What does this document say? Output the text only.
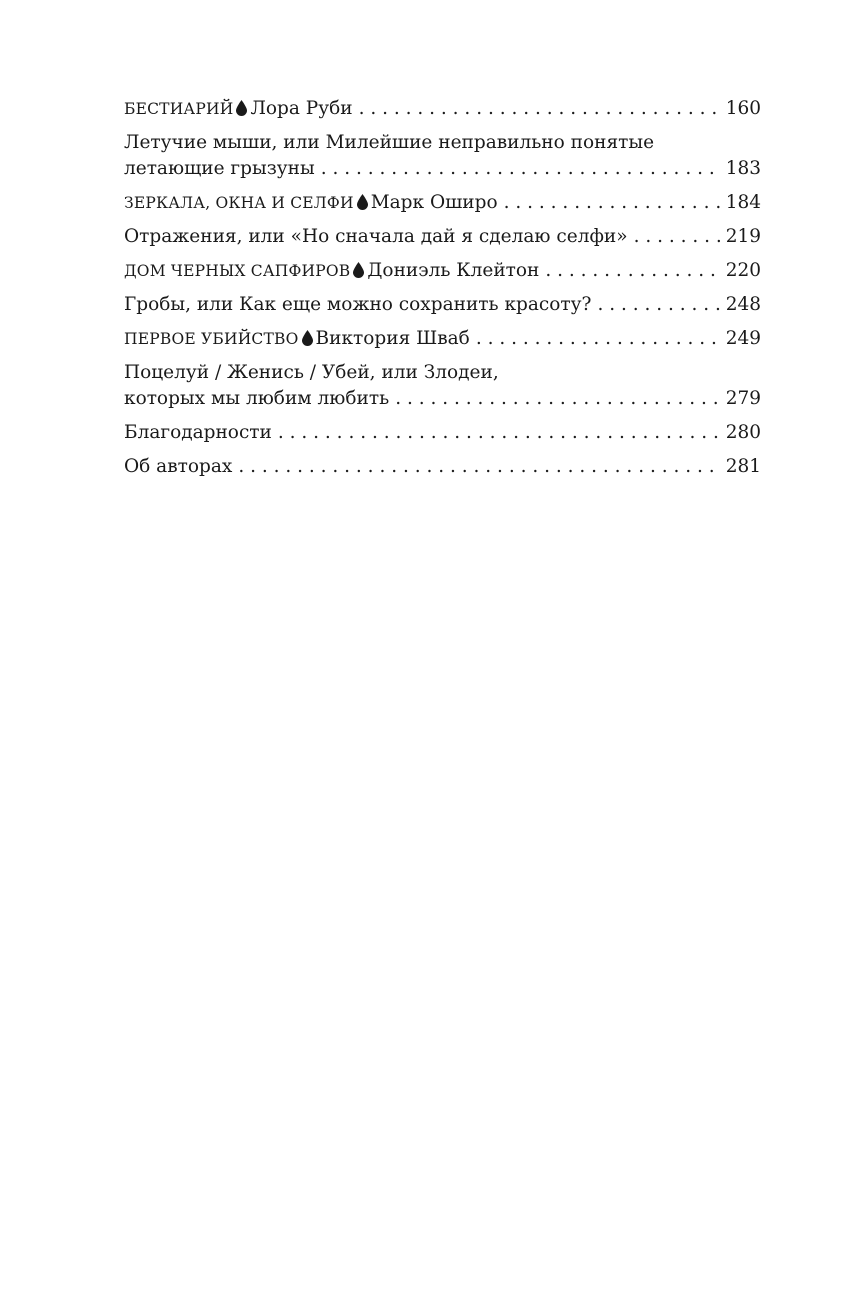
БЕСТИАРИЙ Лора Руби . . .	160
Летучие мыши, или Милейшие неправильно понятые
летающие грызуны . . .	183
ЗЕРКАЛА, ОКНА И СЕЛФИ Марк Оширо . . .	184
Отражения, или «Но сначала дай я сделаю селфи» . . .	219
ДОМ ЧЕРНЫХ САПФИРОВ Дониэль Клейтон . . .	220
Гробы, или Как еще можно сохранить красоту? . . .	248
ПЕРВОЕ УБИЙСТВО Виктория Шваб . . .	249
Поцелуй / Женись / Убей, или Злодеи,
которых мы любим любить . . .	279
Благодарности . . .	280
Об авторах . . .	281
